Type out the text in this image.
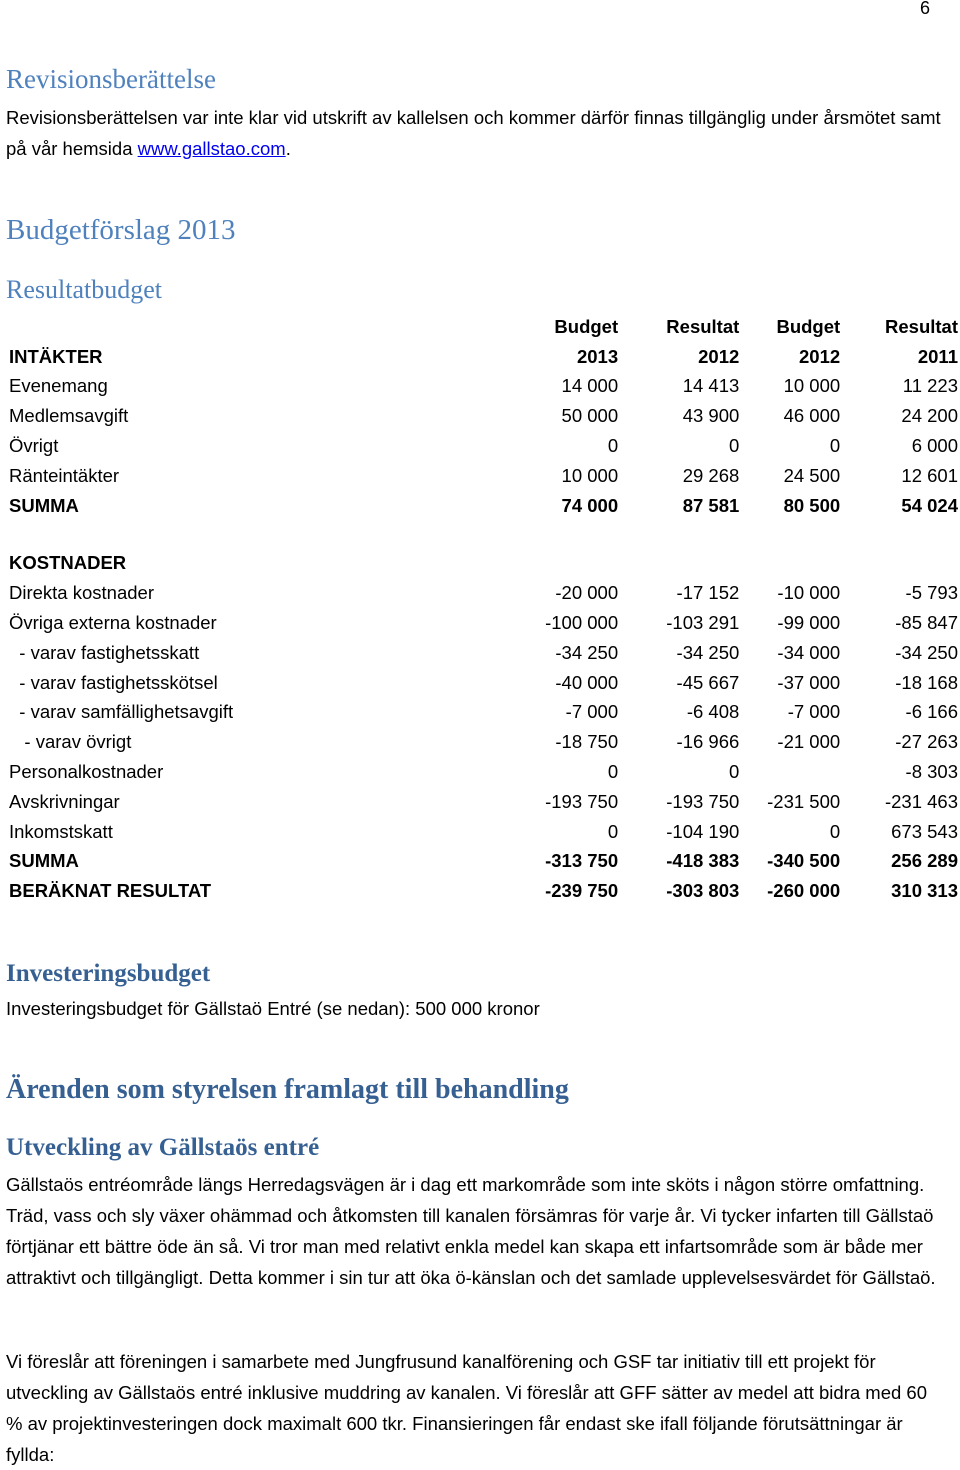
6
Revisionsberättelse
Revisionsberättelsen var inte klar vid utskrift av kallelsen och kommer därför finnas tillgänglig under årsmötet samt på vår hemsida www.gallstao.com.
Budgetförslag 2013
Resultatbudget
	Budget	Resultat	Budget	Resultat
INTÄKTER	2013	2012	2012	2011
Evenemang	14 000	14 413	10 000	11 223
Medlemsavgift	50 000	43 900	46 000	24 200
Övrigt	0	0	0	6 000
Ränteintäkter	10 000	29 268	24 500	12 601
SUMMA	74 000	87 581	80 500	54 024

KOSTNADER				
Direkta kostnader	-20 000	-17 152	-10 000	-5 793
Övriga externa kostnader	-100 000	-103 291	-99 000	-85 847
- varav fastighetsskatt	-34 250	-34 250	-34 000	-34 250
- varav fastighetsskötsel	-40 000	-45 667	-37 000	-18 168
- varav samfällighetsavgift	-7 000	-6 408	-7 000	-6 166
- varav övrigt	-18 750	-16 966	-21 000	-27 263
Personalkostnader	0	0		-8 303
Avskrivningar	-193 750	-193 750	-231 500	-231 463
Inkomstskatt	0	-104 190	0	673 543
SUMMA	-313 750	-418 383	-340 500	256 289
BERÄKNAT RESULTAT	-239 750	-303 803	-260 000	310 313
Investeringsbudget
Investeringsbudget för Gällstaö Entré (se nedan): 500 000 kronor
Ärenden som styrelsen framlagt till behandling
Utveckling av Gällstaös entré
Gällstaös entréområde längs Herredagsvägen är i dag ett markområde som inte sköts i någon större omfattning. Träd, vass och sly växer ohämmad och åtkomsten till kanalen försämras för varje år. Vi tycker infarten till Gällstaö förtjänar ett bättre öde än så. Vi tror man med relativt enkla medel kan skapa ett infartsområde som är både mer attraktivt och tillgängligt. Detta kommer i sin tur att öka ö-känslan och det samlade upplevelsesvärdet för Gällstaö.
Vi föreslår att föreningen i samarbete med Jungfrusund kanalförening och GSF tar initiativ till ett projekt för utveckling av Gällstaös entré inklusive muddring av kanalen. Vi föreslår att GFF sätter av medel att bidra med 60 % av projektinvesteringen dock maximalt 600 tkr. Finansieringen får endast ske ifall följande förutsättningar är fyllda:
